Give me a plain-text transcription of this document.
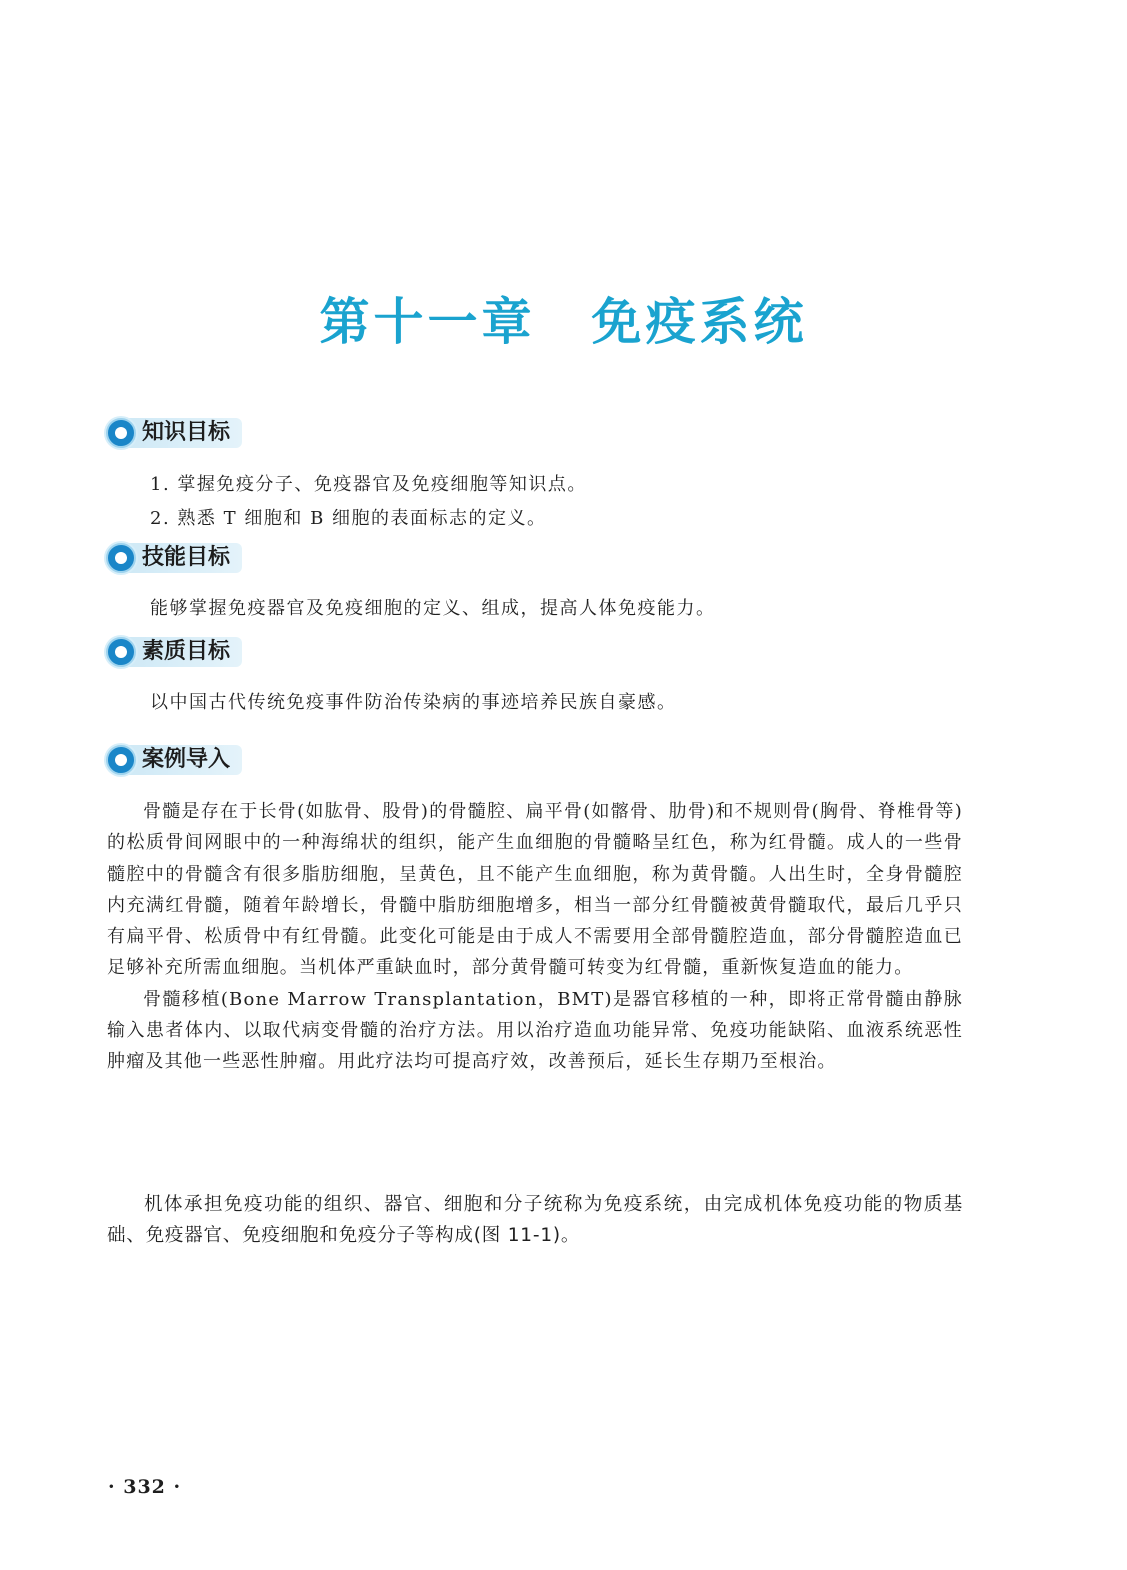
第十一章 免疫系统
知识目标
1. 掌握免疫分子、免疫器官及免疫细胞等知识点。
2. 熟悉 T 细胞和 B 细胞的表面标志的定义。
技能目标
能够掌握免疫器官及免疫细胞的定义、组成，提高人体免疫能力。
素质目标
以中国古代传统免疫事件防治传染病的事迹培养民族自豪感。
案例导入

骨髓是存在于长骨(如肱骨、股骨)的骨髓腔、扁平骨(如髂骨、肋骨)和不规则骨(胸骨、脊椎骨等)的松质骨间网眼中的一种海绵状的组织，能产生血细胞的骨髓略呈红色，称为红骨髓。成人的一些骨髓腔中的骨髓含有很多脂肪细胞，呈黄色，且不能产生血细胞，称为黄骨髓。人出生时，全身骨髓腔内充满红骨髓，随着年龄增长，骨髓中脂肪细胞增多，相当一部分红骨髓被黄骨髓取代，最后几乎只有扁平骨、松质骨中有红骨髓。此变化可能是由于成人不需要用全部骨髓腔造血，部分骨髓腔造血已足够补充所需血细胞。当机体严重缺血时，部分黄骨髓可转变为红骨髓，重新恢复造血的能力。

骨髓移植(Bone Marrow Transplantation，BMT)是器官移植的一种，即将正常骨髓由静脉输入患者体内、以取代病变骨髓的治疗方法。用以治疗造血功能异常、免疫功能缺陷、血液系统恶性肿瘤及其他一些恶性肿瘤。用此疗法均可提高疗效，改善预后，延长生存期乃至根治。

机体承担免疫功能的组织、器官、细胞和分子统称为免疫系统，由完成机体免疫功能的物质基础、免疫器官、免疫细胞和免疫分子等构成(图 11-1)。

· 332 ·
